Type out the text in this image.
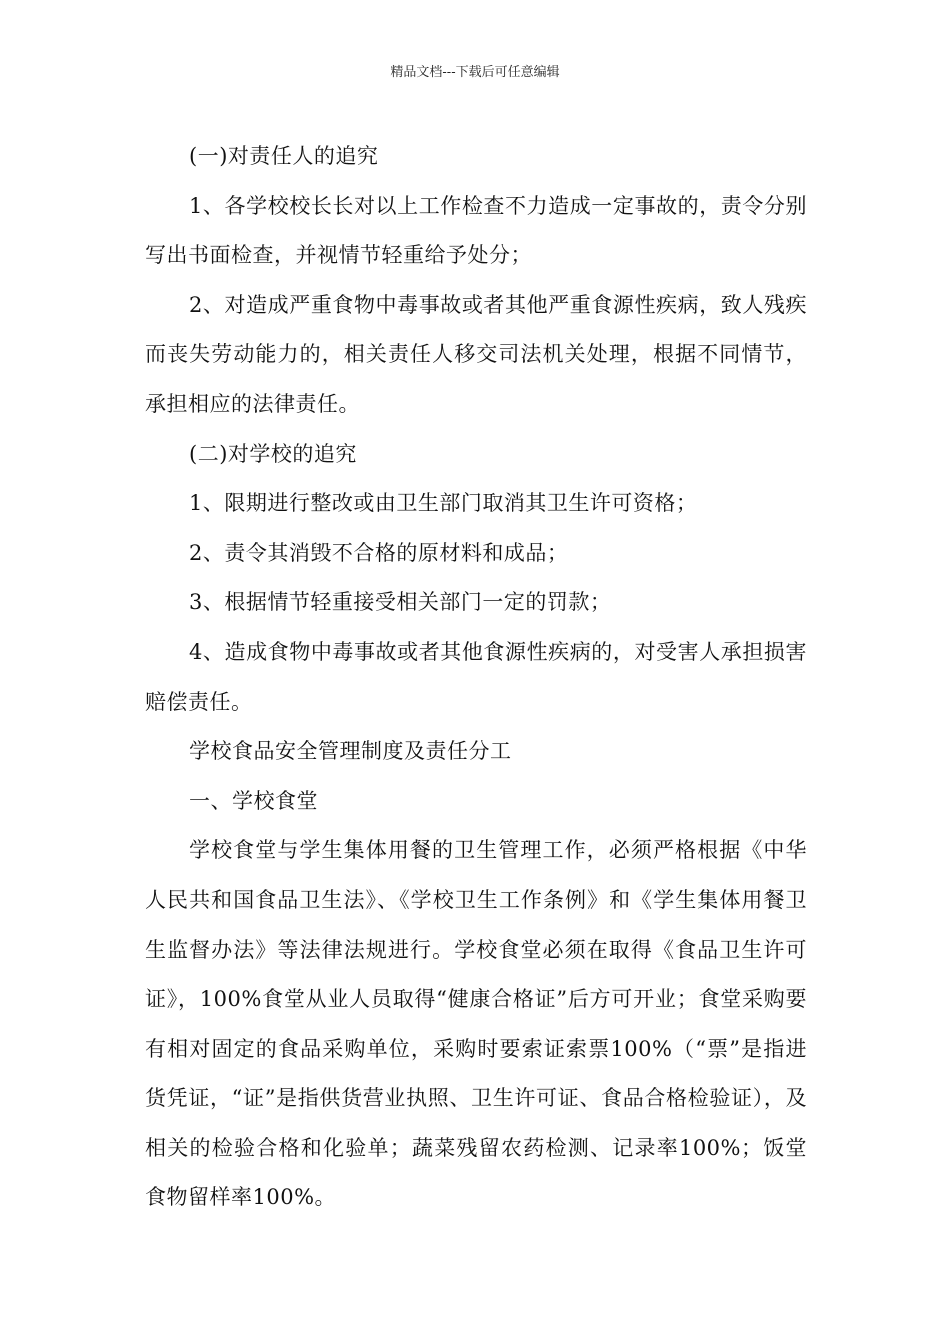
精品文档---下载后可任意编辑

(一)对责任人的追究

1、各学校校长长对以上工作检查不力造成一定事故的，责令分别写出书面检查，并视情节轻重给予处分；

2、对造成严重食物中毒事故或者其他严重食源性疾病，致人残疾而丧失劳动能力的，相关责任人移交司法机关处理，根据不同情节，承担相应的法律责任。

(二)对学校的追究

1、限期进行整改或由卫生部门取消其卫生许可资格；

2、责令其消毁不合格的原材料和成品；

3、根据情节轻重接受相关部门一定的罚款；

4、造成食物中毒事故或者其他食源性疾病的，对受害人承担损害赔偿责任。

学校食品安全管理制度及责任分工

一、学校食堂

学校食堂与学生集体用餐的卫生管理工作，必须严格根据《中华人民共和国食品卫生法》、《学校卫生工作条例》和《学生集体用餐卫生监督办法》等法律法规进行。学校食堂必须在取得《食品卫生许可证》，100%食堂从业人员取得“健康合格证”后方可开业；食堂采购要有相对固定的食品采购单位，采购时要索证索票100%（“票”是指进货凭证，“证”是指供货营业执照、卫生许可证、食品合格检验证），及相关的检验合格和化验单；蔬菜残留农药检测、记录率100%；饭堂食物留样率100%。
